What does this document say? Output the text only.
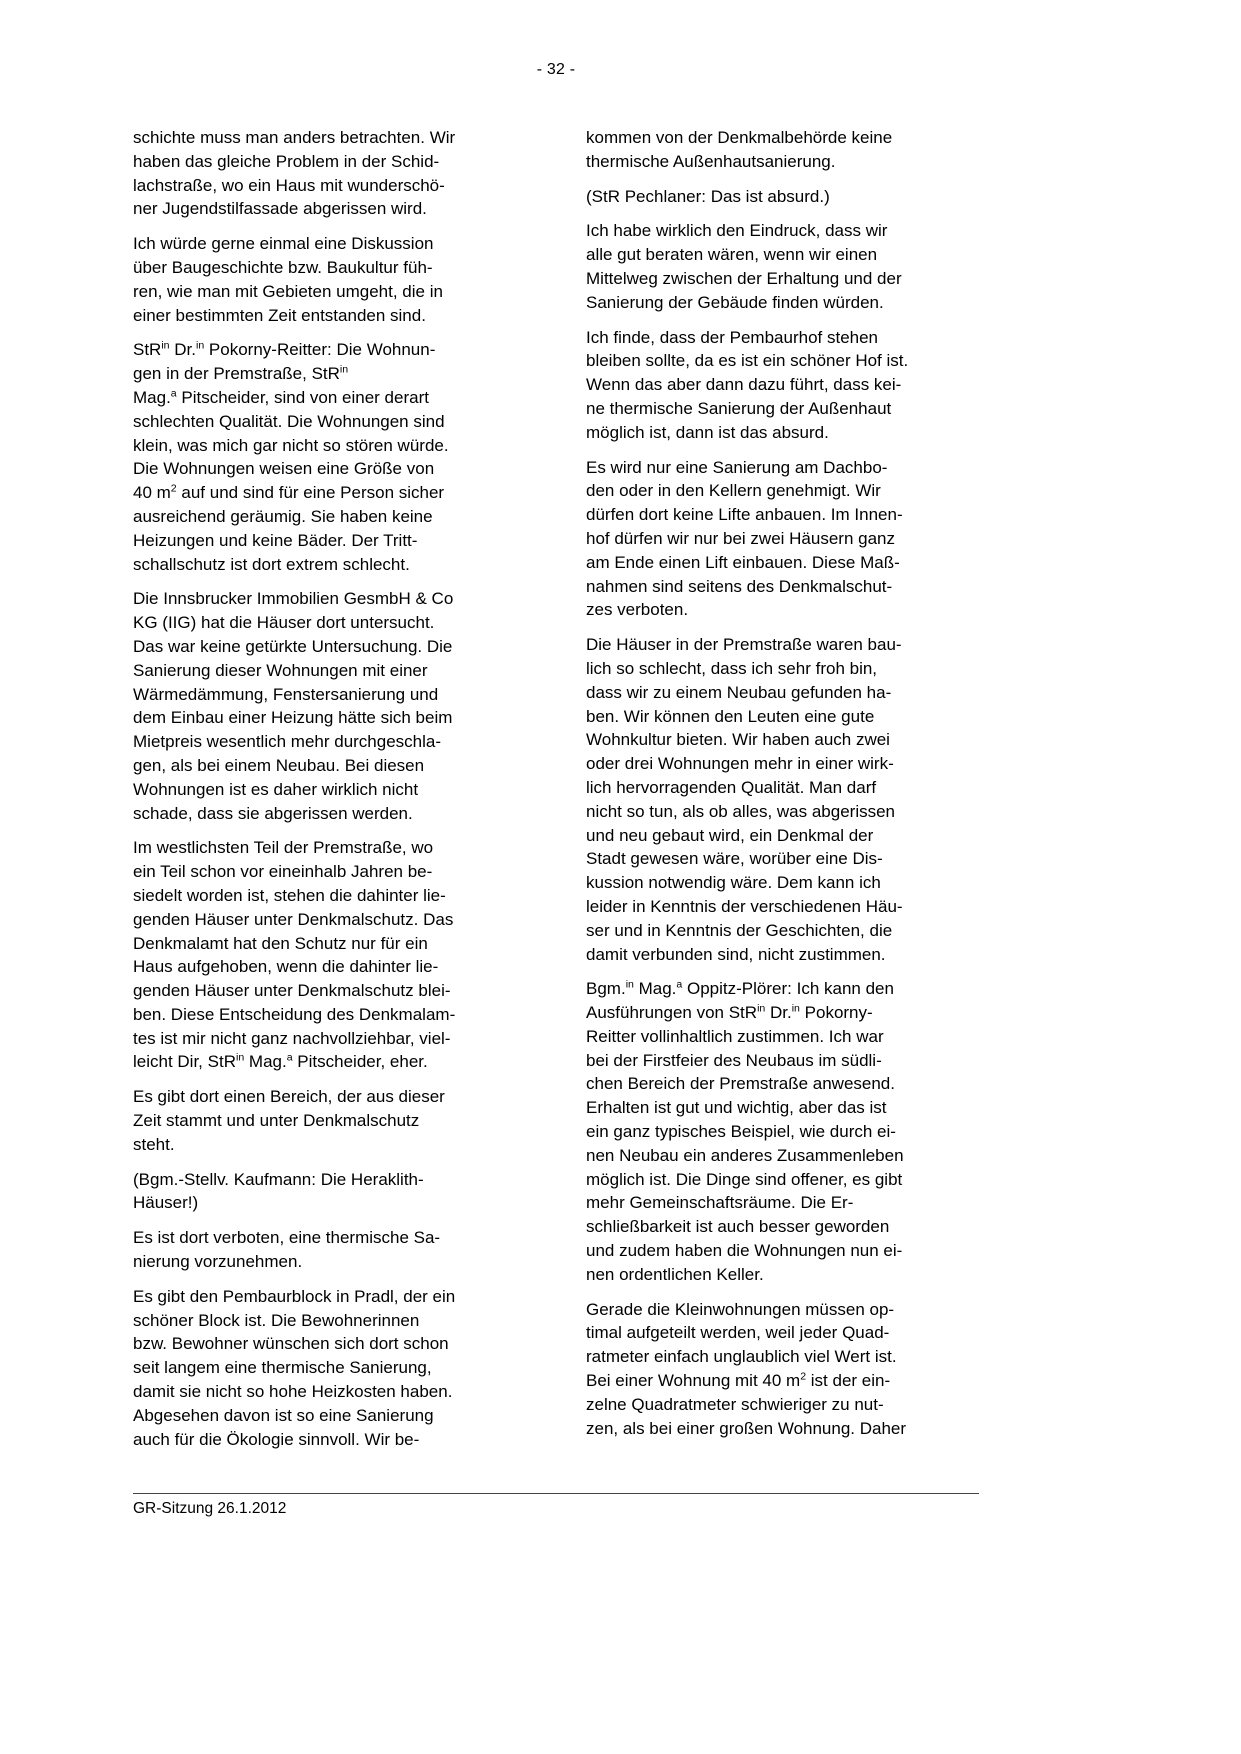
- 32 -

schichte muss man anders betrachten. Wir
haben das gleiche Problem in der Schid-
lachstraße, wo ein Haus mit wunderschö-
ner Jugendstilfassade abgerissen wird.

Ich würde gerne einmal eine Diskussion
über Baugeschichte bzw. Baukultur füh-
ren, wie man mit Gebieten umgeht, die in
einer bestimmten Zeit entstanden sind.

StR$^{in}$ Dr.$^{in}$ Pokorny-Reitter: Die Wohnun-
gen in der Premstraße, StR$^{in}$
Mag.$^a$ Pitscheider, sind von einer derart
schlechten Qualität. Die Wohnungen sind
klein, was mich gar nicht so stören würde.
Die Wohnungen weisen eine Größe von
40 $m^2$ auf und sind für eine Person sicher
ausreichend geräumig. Sie haben keine
Heizungen und keine Bäder. Der Tritt-
schallschutz ist dort extrem schlecht.

Die Innsbrucker Immobilien GesmbH & Co
KG (IIG) hat die Häuser dort untersucht.
Das war keine getürkte Untersuchung. Die
Sanierung dieser Wohnungen mit einer
Wärmedämmung, Fenstersanierung und
dem Einbau einer Heizung hätte sich beim
Mietpreis wesentlich mehr durchgeschla-
gen, als bei einem Neubau. Bei diesen
Wohnungen ist es daher wirklich nicht
schade, dass sie abgerissen werden.

Im westlichsten Teil der Premstraße, wo
ein Teil schon vor eineinhalb Jahren be-
siedelt worden ist, stehen die dahinter lie-
genden Häuser unter Denkmalschutz. Das
Denkmalamt hat den Schutz nur für ein
Haus aufgehoben, wenn die dahinter lie-
genden Häuser unter Denkmalschutz blei-
ben. Diese Entscheidung des Denkmalam-
tes ist mir nicht ganz nachvollziehbar, viel-
leicht Dir, StR$^{in}$ Mag.$^a$ Pitscheider, eher.

Es gibt dort einen Bereich, der aus dieser
Zeit stammt und unter Denkmalschutz
steht.

(Bgm.-Stellv. Kaufmann: Die Heraklith-
Häuser!)

Es ist dort verboten, eine thermische Sa-
nierung vorzunehmen.

Es gibt den Pembaurblock in Pradl, der ein
schöner Block ist. Die Bewohnerinnen
bzw. Bewohner wünschen sich dort schon
seit langem eine thermische Sanierung,
damit sie nicht so hohe Heizkosten haben.
Abgesehen davon ist so eine Sanierung
auch für die Ökologie sinnvoll. Wir be-

kommen von der Denkmalbehörde keine
thermische Außenhautsanierung.

(StR Pechlaner: Das ist absurd.)

Ich habe wirklich den Eindruck, dass wir
alle gut beraten wären, wenn wir einen
Mittelweg zwischen der Erhaltung und der
Sanierung der Gebäude finden würden.

Ich finde, dass der Pembaurhof stehen
bleiben sollte, da es ist ein schöner Hof ist.
Wenn das aber dann dazu führt, dass kei-
ne thermische Sanierung der Außenhaut
möglich ist, dann ist das absurd.

Es wird nur eine Sanierung am Dachbo-
den oder in den Kellern genehmigt. Wir
dürfen dort keine Lifte anbauen. Im Innen-
hof dürfen wir nur bei zwei Häusern ganz
am Ende einen Lift einbauen. Diese Maß-
nahmen sind seitens des Denkmalschut-
zes verboten.

Die Häuser in der Premstraße waren bau-
lich so schlecht, dass ich sehr froh bin,
dass wir zu einem Neubau gefunden ha-
ben. Wir können den Leuten eine gute
Wohnkultur bieten. Wir haben auch zwei
oder drei Wohnungen mehr in einer wirk-
lich hervorragenden Qualität. Man darf
nicht so tun, als ob alles, was abgerissen
und neu gebaut wird, ein Denkmal der
Stadt gewesen wäre, worüber eine Dis-
kussion notwendig wäre. Dem kann ich
leider in Kenntnis der verschiedenen Häu-
ser und in Kenntnis der Geschichten, die
damit verbunden sind, nicht zustimmen.

Bgm.$^{in}$ Mag.$^a$ Oppitz-Plörer: Ich kann den
Ausführungen von StR$^{in}$ Dr.$^{in}$ Pokorny-
Reitter vollinhaltlich zustimmen. Ich war
bei der Firstfeier des Neubaus im südli-
chen Bereich der Premstraße anwesend.
Erhalten ist gut und wichtig, aber das ist
ein ganz typisches Beispiel, wie durch ei-
nen Neubau ein anderes Zusammenleben
möglich ist. Die Dinge sind offener, es gibt
mehr Gemeinschaftsräume. Die Er-
schließbarkeit ist auch besser geworden
und zudem haben die Wohnungen nun ei-
nen ordentlichen Keller.

Gerade die Kleinwohnungen müssen op-
timal aufgeteilt werden, weil jeder Quad-
ratmeter einfach unglaublich viel Wert ist.
Bei einer Wohnung mit 40 $m^2$ ist der ein-
zelne Quadratmeter schwieriger zu nut-
zen, als bei einer großen Wohnung. Daher

GR-Sitzung 26.1.2012
